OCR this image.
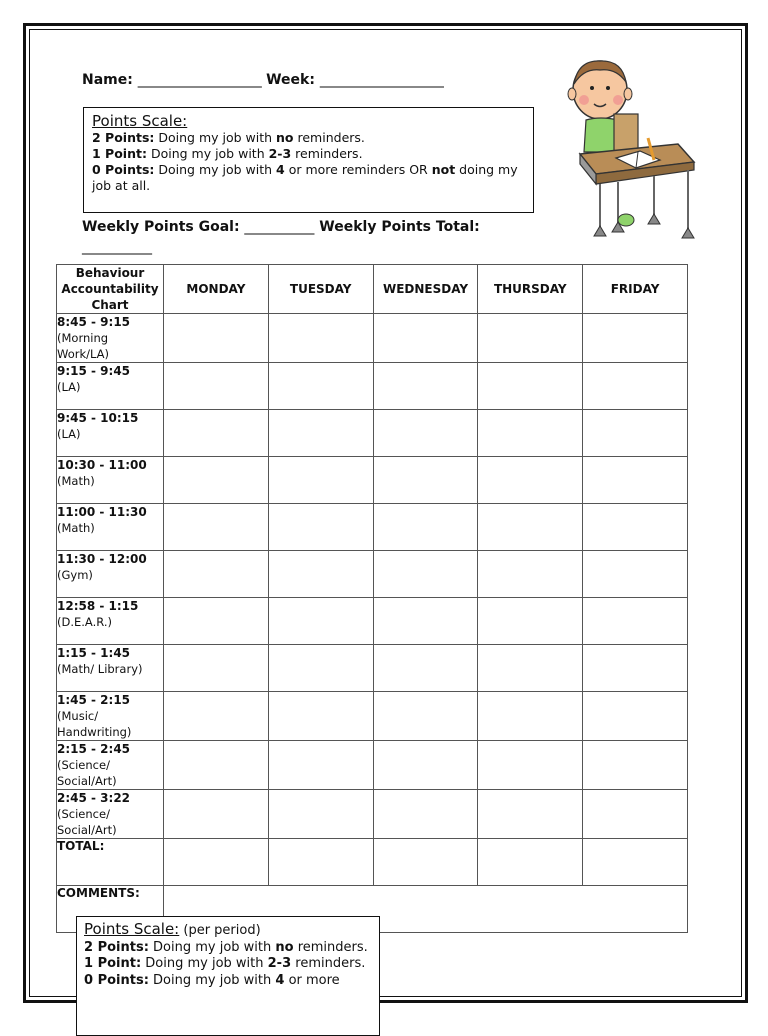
Name: ___________________ Week: ___________________
Points Scale:
2 Points: Doing my job with no reminders.
1 Point: Doing my job with 2-3 reminders.
0 Points: Doing my job with 4 or more reminders OR not doing my job at all.
Weekly Points Goal: __________ Weekly Points Total:
__________
Behaviour Accountability Chart	MONDAY	TUESDAY	WEDNESDAY	THURSDAY	FRIDAY
8:45 - 9:15
(Morning Work/LA)					
9:15 - 9:45
(LA)					
9:45 - 10:15
(LA)					
10:30 - 11:00
(Math)					
11:00 - 11:30
(Math)					
11:30 - 12:00
(Gym)					
12:58 - 1:15
(D.E.A.R.)					
1:15 - 1:45
(Math/ Library)					
1:45 - 2:15
(Music/ Handwriting)					
2:15 - 2:45
(Science/ Social/Art)					
2:45 - 3:22
(Science/ Social/Art)					
TOTAL:					
COMMENTS:					
Points Scale: (per period)
2 Points: Doing my job with no reminders.
1 Point: Doing my job with 2-3 reminders.
0 Points: Doing my job with 4 or more
